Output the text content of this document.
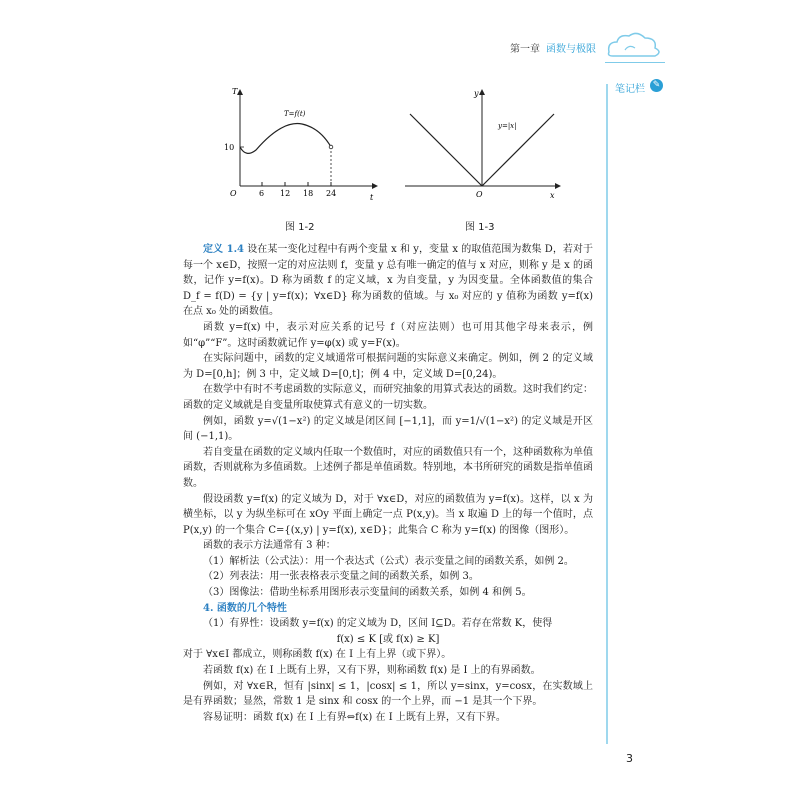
第一章 函数与极限
笔记栏 ✎
T
t
O
10
6 12 18 24
T=f(t)
图 1-2
y
x
O
y=|x|
图 1-3

定义 1.4 设在某一变化过程中有两个变量 x 和 y，变量 x 的取值范围为数集 D，若对于每一个 x∈D，按照一定的对应法则 f，变量 y 总有唯一确定的值与 x 对应，则称 y 是 x 的函数，记作 y=f(x)。D 称为函数 f 的定义域，x 为自变量，y 为因变量。全体函数值的集合 D_f = f(D) = {y | y=f(x)；∀x∈D} 称为函数的值域。与 x₀ 对应的 y 值称为函数 y=f(x) 在点 x₀ 处的函数值。

函数 y=f(x) 中，表示对应关系的记号 f（对应法则）也可用其他字母来表示，例如“φ”“F”。这时函数就记作 y=φ(x) 或 y=F(x)。

在实际问题中，函数的定义域通常可根据问题的实际意义来确定。例如，例 2 的定义域为 D=[0,h]；例 3 中，定义域 D=[0,t]；例 4 中，定义域 D=[0,24)。

在数学中有时不考虑函数的实际意义，而研究抽象的用算式表达的函数。这时我们约定：函数的定义域就是自变量所取使算式有意义的一切实数。

例如，函数 y=√(1−x²) 的定义域是闭区间 [−1,1]，而 y=1/√(1−x²) 的定义域是开区间 (−1,1)。

若自变量在函数的定义域内任取一个数值时，对应的函数值只有一个，这种函数称为单值函数，否则就称为多值函数。上述例子都是单值函数。特别地，本书所研究的函数是指单值函数。

假设函数 y=f(x) 的定义域为 D，对于 ∀x∈D，对应的函数值为 y=f(x)。这样，以 x 为横坐标，以 y 为纵坐标可在 xOy 平面上确定一点 P(x,y)。当 x 取遍 D 上的每一个值时，点 P(x,y) 的一个集合 C={(x,y) | y=f(x), x∈D}；此集合 C 称为 y=f(x) 的图像（图形）。

函数的表示方法通常有 3 种：

（1）解析法（公式法）：用一个表达式（公式）表示变量之间的函数关系，如例 2。

（2）列表法：用一张表格表示变量之间的函数关系，如例 3。

（3）图像法：借助坐标系用图形表示变量间的函数关系，如例 4 和例 5。

4. 函数的几个特性

（1）有界性：设函数 y=f(x) 的定义域为 D，区间 I⊆D。若存在常数 K，使得

f(x) ≤ K [或 f(x) ≥ K]

对于 ∀x∈I 都成立，则称函数 f(x) 在 I 上有上界（或下界）。

若函数 f(x) 在 I 上既有上界，又有下界，则称函数 f(x) 是 I 上的有界函数。

例如，对 ∀x∈R，恒有 |sinx| ≤ 1，|cosx| ≤ 1，所以 y=sinx，y=cosx，在实数域上是有界函数；显然，常数 1 是 sinx 和 cosx 的一个上界，而 −1 是其一个下界。

容易证明：函数 f(x) 在 I 上有界⇔f(x) 在 I 上既有上界，又有下界。

3
